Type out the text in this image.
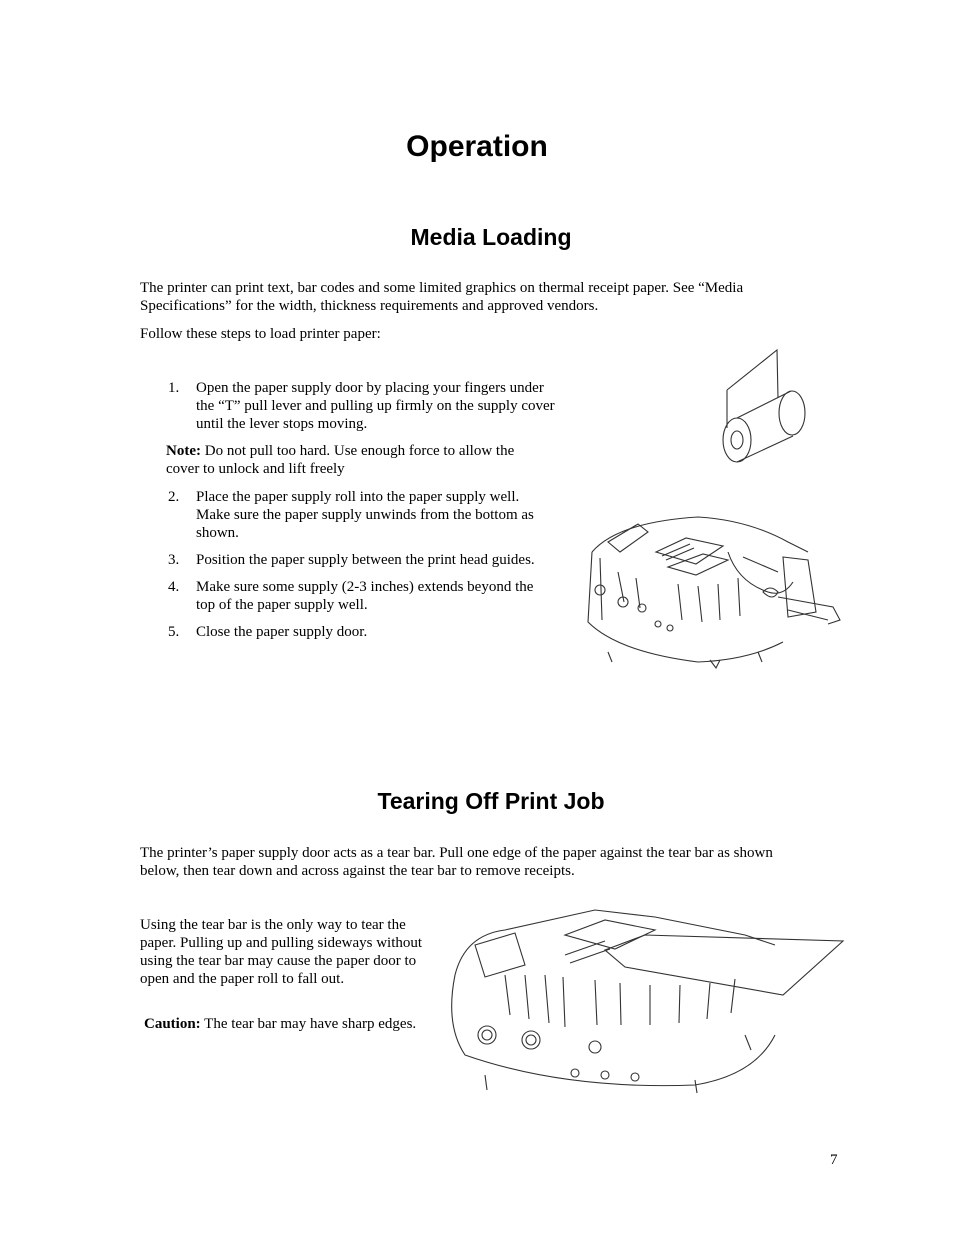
Operation
Media Loading

The printer can print text, bar codes and some limited graphics on thermal receipt paper. See “Media Specifications” for the width, thickness requirements and approved vendors.

Follow these steps to load printer paper:

1.	Open the paper supply door by placing your fingers under the “T” pull lever and pulling up firmly on the supply cover until the lever stops moving.
Note: Do not pull too hard. Use enough force to allow the cover to unlock and lift freely
2.	Place the paper supply roll into the paper supply well. Make sure the paper supply unwinds from the bottom as shown.
3.	Position the paper supply between the print head guides.
4.	Make sure some supply (2-3 inches) extends beyond the top of the paper supply well.
5.	Close the paper supply door.
Tearing Off Print Job

The printer’s paper supply door acts as a tear bar. Pull one edge of the paper against the tear bar as shown below, then tear down and across against the tear bar to remove receipts.

Using the tear bar is the only way to tear the paper. Pulling up and pulling sideways without using the tear bar may cause the paper door to open and the paper roll to fall out.

Caution: The tear bar may have sharp edges.

7
